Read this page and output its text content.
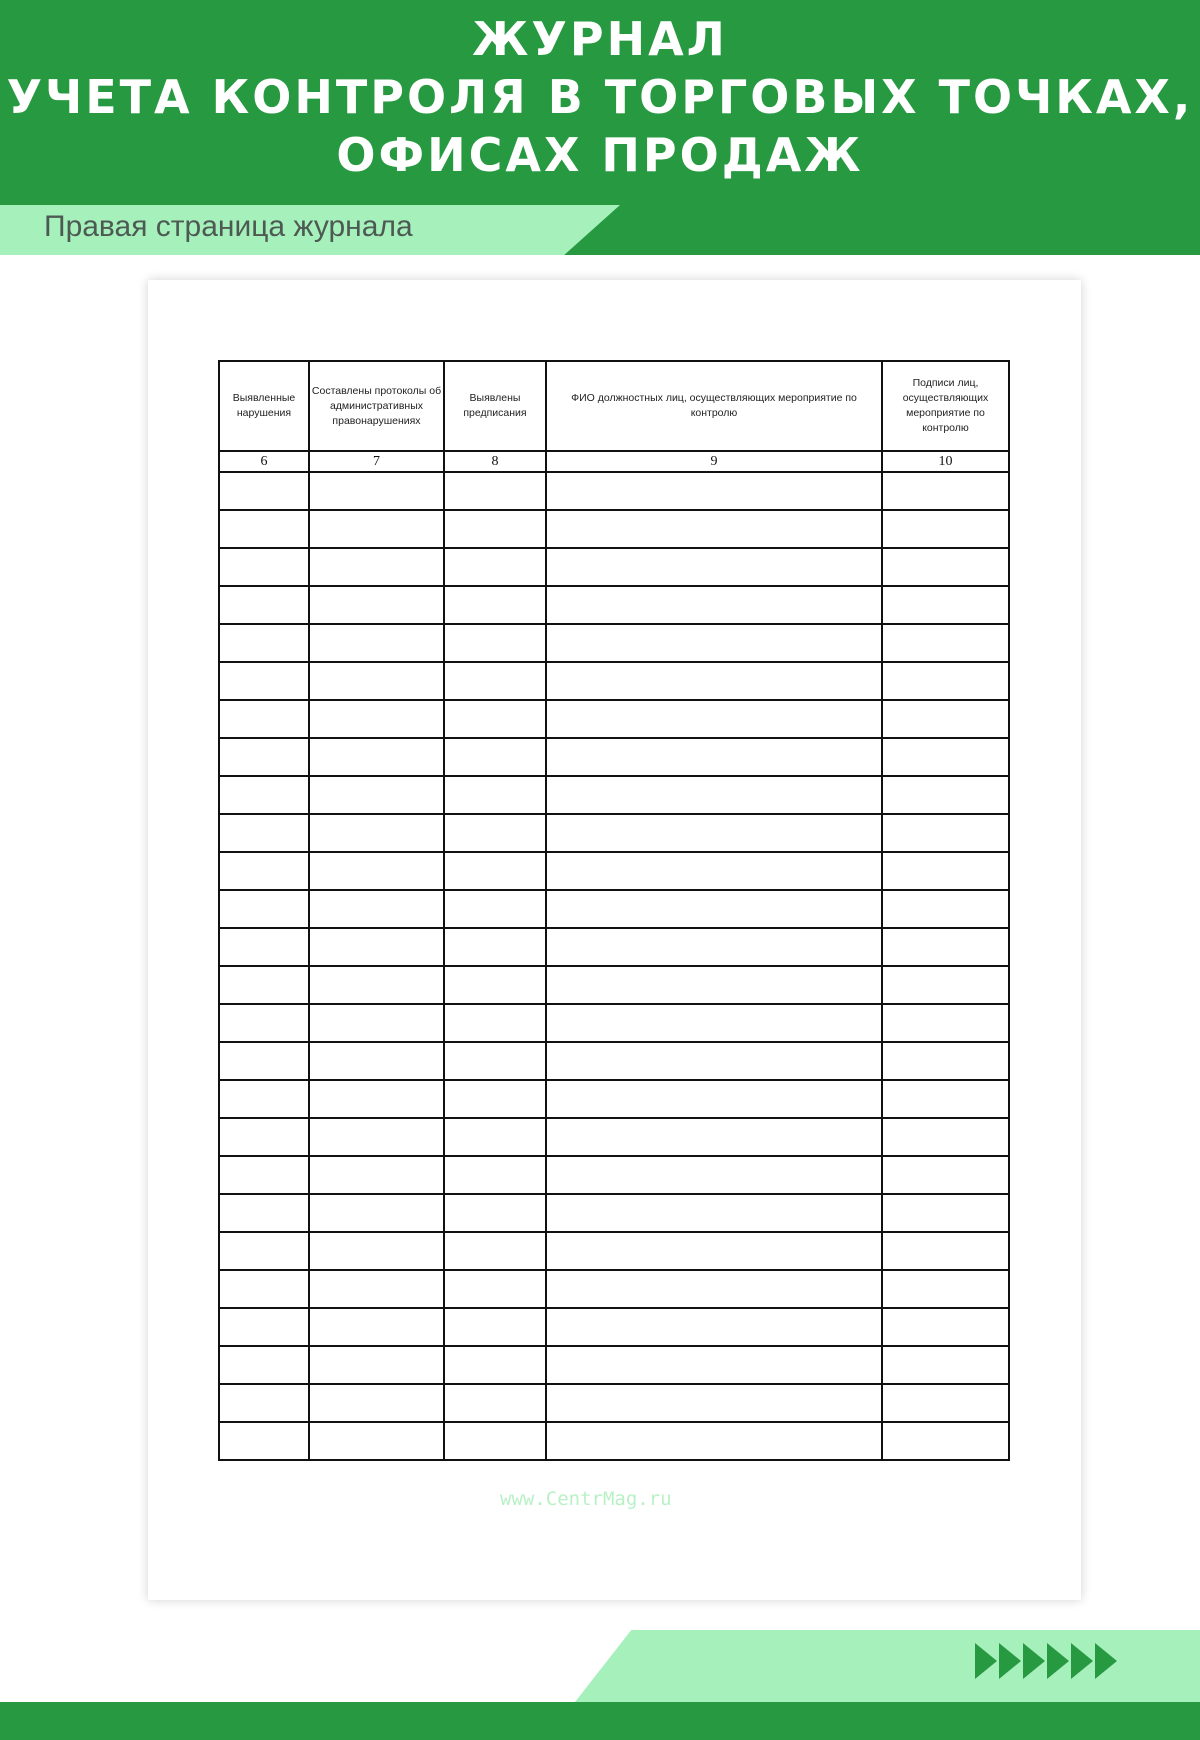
ЖУРНАЛ
УЧЕТА КОНТРОЛЯ В ТОРГОВЫХ ТОЧКАХ,
ОФИСАХ ПРОДАЖ
Правая страница журнала
Выявленные нарушения	Составлены протоколы об административных правонарушениях	Выявлены предписания	ФИО должностных лиц, осуществляющих мероприятие по контролю	Подписи лиц, осуществляющих мероприятие по контролю
6	7	8	9	10

www.CentrMag.ru
